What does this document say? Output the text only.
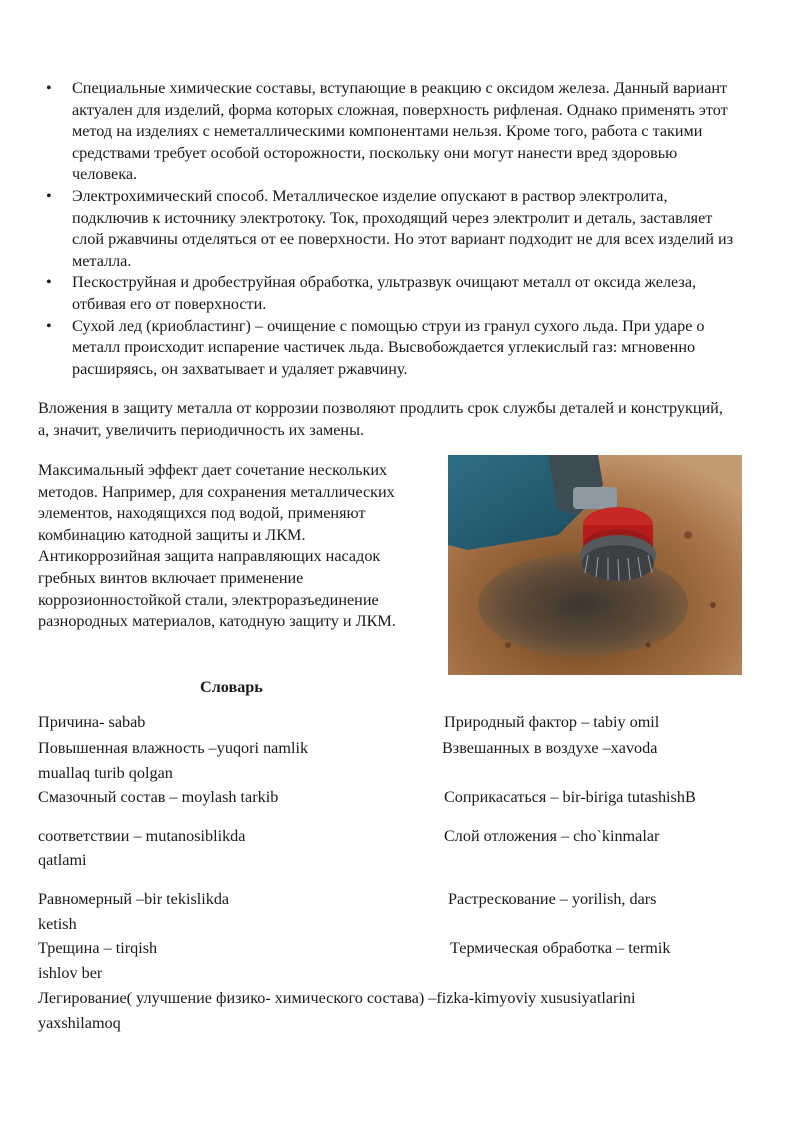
• Специальные химические составы, вступающие в реакцию с оксидом железа. Данный вариант актуален для изделий, форма которых сложная, поверхность рифленая. Однако применять этот метод на изделиях с неметаллическими компонентами нельзя. Кроме того, работа с такими средствами требует особой осторожности, поскольку они могут нанести вред здоровью человека.
• Электрохимический способ. Металлическое изделие опускают в раствор электролита, подключив к источнику электротоку. Ток, проходящий через электролит и деталь, заставляет слой ржавчины отделяться от ее поверхности. Но этот вариант подходит не для всех изделий из металла.
• Пескоструйная и дробеструйная обработка, ультразвук очищают металл от оксида железа, отбивая его от поверхности.
• Сухой лед (криобластинг) – очищение с помощью струи из гранул сухого льда. При ударе о металл происходит испарение частичек льда. Высвобождается углекислый газ: мгновенно расширяясь, он захватывает и удаляет ржавчину.

Вложения в защиту металла от коррозии позволяют продлить срок службы деталей и конструкций, а, значит, увеличить периодичность их замены.

Максимальный эффект дает сочетание нескольких методов. Например, для сохранения металлических элементов, находящихся под водой, применяют комбинацию катодной защиты и ЛКМ. Антикоррозийная защита направляющих насадок гребных винтов включает применение коррозионностойкой стали, электроразъединение разнородных материалов, катодную защиту и ЛКМ.

Словарь

Причина- sabab	Природный фактор – tabiy omil

Повышенная влажность –yuqori namlik	Взвешанных в воздухе –xavoda

muallaq turib qolgan

Смазочный состав – moylash tarkib	Соприкасаться – bir-biriga tutashishB

соответствии – mutanosiblikda	Слой отложения – cho`kinmalar

qatlami

Равномерный –bir tekislikda	Растрескование – yorilish, dars

ketish

Трещина – tirqish	Термическая обработка – termik

ishlov ber

Легирование( улучшение физико- химического состава) –fizka-kimyoviy xususiyatlarini

yaxshilamoq
